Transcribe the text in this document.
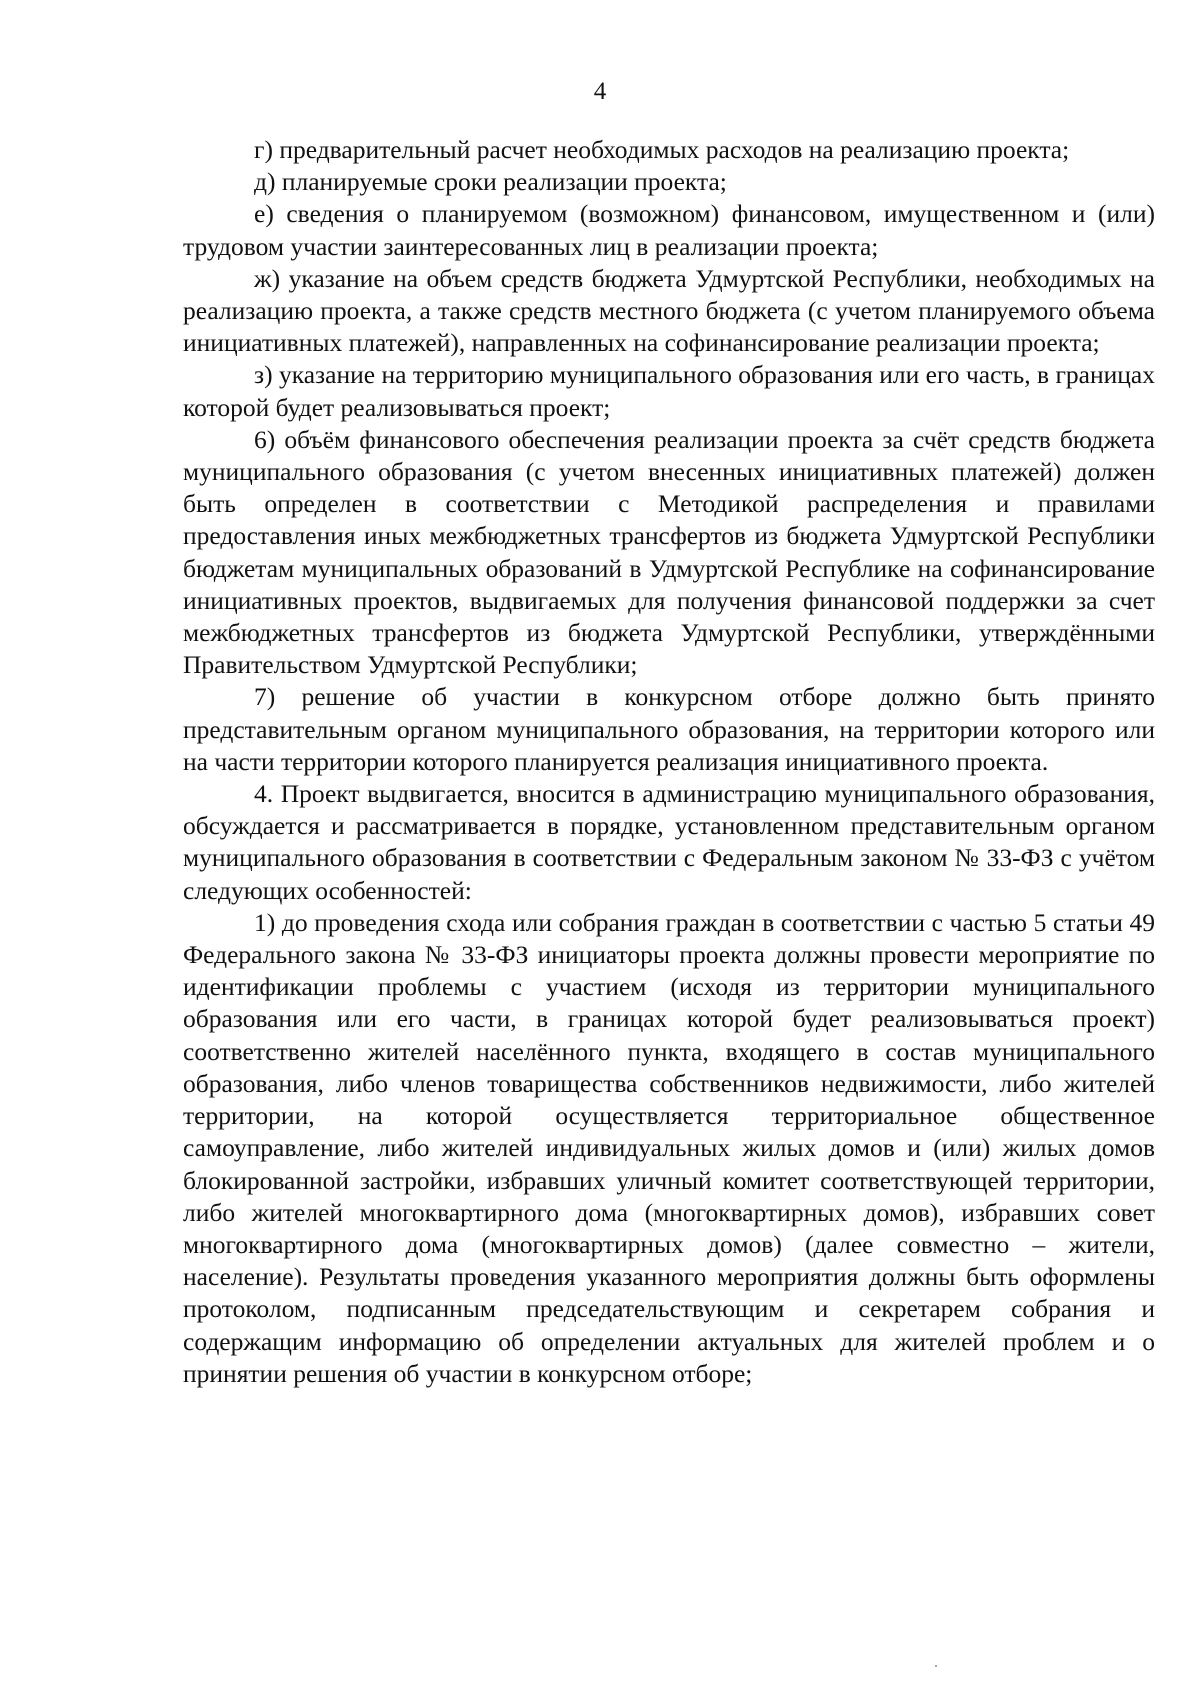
4

г) предварительный расчет необходимых расходов на реализацию проекта;

д) планируемые сроки реализации проекта;

е) сведения о планируемом (возможном) финансовом, имущественном и (или) трудовом участии заинтересованных лиц в реализации проекта;

ж) указание на объем средств бюджета Удмуртской Республики, необходимых на реализацию проекта, а также средств местного бюджета (с учетом планируемого объема инициативных платежей), направленных на софинансирование реализации проекта;

з) указание на территорию муниципального образования или его часть, в границах которой будет реализовываться проект;

6) объём финансового обеспечения реализации проекта за счёт средств бюджета муниципального образования (с учетом внесенных инициативных платежей) должен быть определен в соответствии с Методикой распределения и правилами предоставления иных межбюджетных трансфертов из бюджета Удмуртской Республики бюджетам муниципальных образований в Удмуртской Республике на софинансирование инициативных проектов, выдвигаемых для получения финансовой поддержки за счет межбюджетных трансфертов из бюджета Удмуртской Республики, утверждёнными Правительством Удмуртской Республики;

7) решение об участии в конкурсном отборе должно быть принято представительным органом муниципального образования, на территории которого или на части территории которого планируется реализация инициативного проекта.

4. Проект выдвигается, вносится в администрацию муниципального образования, обсуждается и рассматривается в порядке, установленном представительным органом муниципального образования в соответствии с Федеральным законом № 33-ФЗ с учётом следующих особенностей:

1) до проведения схода или собрания граждан в соответствии с частью 5 статьи 49 Федерального закона № 33-ФЗ инициаторы проекта должны провести мероприятие по идентификации проблемы с участием (исходя из территории муниципального образования или его части, в границах которой будет реализовываться проект) соответственно жителей населённого пункта, входящего в состав муниципального образования, либо членов товарищества собственников недвижимости, либо жителей территории, на которой осуществляется территориальное общественное самоуправление, либо жителей индивидуальных жилых домов и (или) жилых домов блокированной застройки, избравших уличный комитет соответствующей территории, либо жителей многоквартирного дома (многоквартирных домов), избравших совет многоквартирного дома (многоквартирных домов) (далее совместно – жители, население). Результаты проведения указанного мероприятия должны быть оформлены протоколом, подписанным председательствующим и секретарем собрания и содержащим информацию об определении актуальных для жителей проблем и о принятии решения об участии в конкурсном отборе;
